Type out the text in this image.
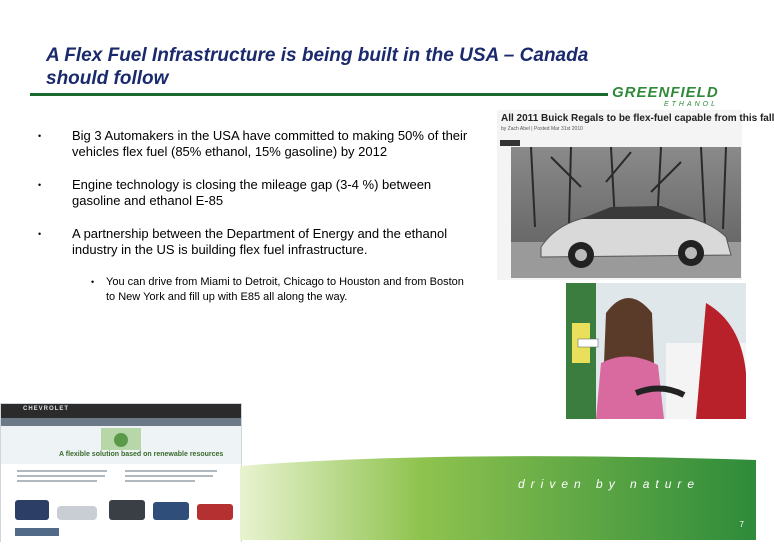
A Flex Fuel Infrastructure is being built in the USA – Canada should follow
GREENFIELD
ETHANOL
• Big 3 Automakers in the USA have committed to making 50% of their vehicles flex fuel (85% ethanol, 15% gasoline) by 2012
• Engine technology is closing the mileage gap (3-4 %) between gasoline and ethanol E-85
• A partnership between the Department of Energy and the ethanol industry in the US is building flex fuel infrastructure.
• You can drive from Miami to Detroit, Chicago to Houston and from Boston to New York and fill up with E85 all along the way.
All 2011 Buick Regals to be flex-fuel capable from this fall
by Zach Abel | Posted Mar 31st 2010
CHEVROLET
A flexible solution based on renewable resources
driven by nature
7
